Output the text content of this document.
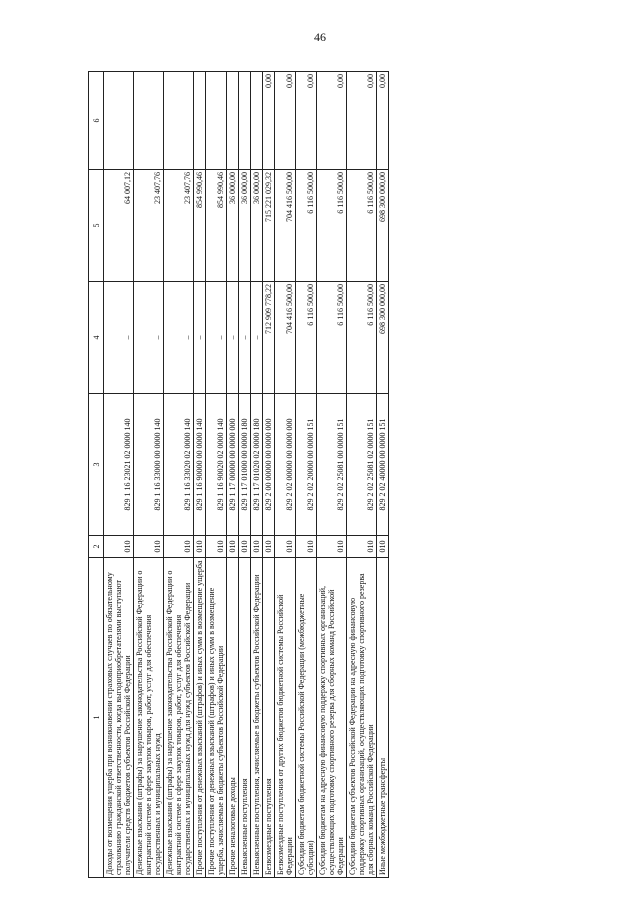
46
1	2	3	4	5	6
Доходы от возмещения ущерба при возникновении страховых случаев по обязательному страхованию гражданской ответственности, когда выгодоприобретателями выступают получатели средств бюджетов субъектов Российской Федерации	010	829 1 16 23021 02 0000 140	–	64 007,12	
Денежные взыскания (штрафы) за нарушение законодательства Российской Федерации о контрактной системе в сфере закупок товаров, работ, услуг для обеспечения государственных и муниципальных нужд	010	829 1 16 33000 00 0000 140	–	23 407,76	
Денежные взыскания (штрафы) за нарушение законодательства Российской Федерации о контрактной системе в сфере закупок товаров, работ, услуг для обеспечения государственных и муниципальных нужд для нужд субъектов Российской Федерации	010	829 1 16 33020 02 0000 140	–	23 407,76	
Прочие поступления от денежных взысканий (штрафов) и иных сумм в возмещение ущерба	010	829 1 16 90000 00 0000 140	–	854 990,46	
Прочие поступления от денежных взысканий (штрафов) и иных сумм в возмещение ущерба, зачисляемые в бюджеты субъектов Российской Федерации	010	829 1 16 90020 02 0000 140	–	854 990,46	
Прочие неналоговые доходы	010	829 1 17 00000 00 0000 000	–	36 000,00	
Невыясненные поступления	010	829 1 17 01000 00 0000 180	–	36 000,00	
Невыясненные поступления, зачисляемые в бюджеты субъектов Российской Федерации	010	829 1 17 01020 02 0000 180	–	36 000,00	
Безвозмездные поступления	010	829 2 00 00000 00 0000 000	712 909 778,22	715 221 029,32	0,00
Безвозмездные поступления от других бюджетов бюджетной системы Российской Федерации	010	829 2 02 00000 00 0000 000	704 416 500,00	704 416 500,00	0,00
Субсидии бюджетам бюджетной системы Российской Федерации (межбюджетные субсидии)	010	829 2 02 20000 00 0000 151	6 116 500,00	6 116 500,00	0,00
Субсидии бюджетам на адресную финансовую поддержку спортивных организаций, осуществляющих подготовку спортивного резерва для сборных команд Российской Федерации	010	829 2 02 25081 00 0000 151	6 116 500,00	6 116 500,00	0,00
Субсидии бюджетам субъектов Российской Федерации на адресную финансовую поддержку спортивных организаций, осуществляющих подготовку спортивного резерва для сборных команд Российской Федерации	010	829 2 02 25081 02 0000 151	6 116 500,00	6 116 500,00	0,00
Иные межбюджетные трансферты	010	829 2 02 40000 00 0000 151	698 300 000,00	698 300 000,00	0,00
